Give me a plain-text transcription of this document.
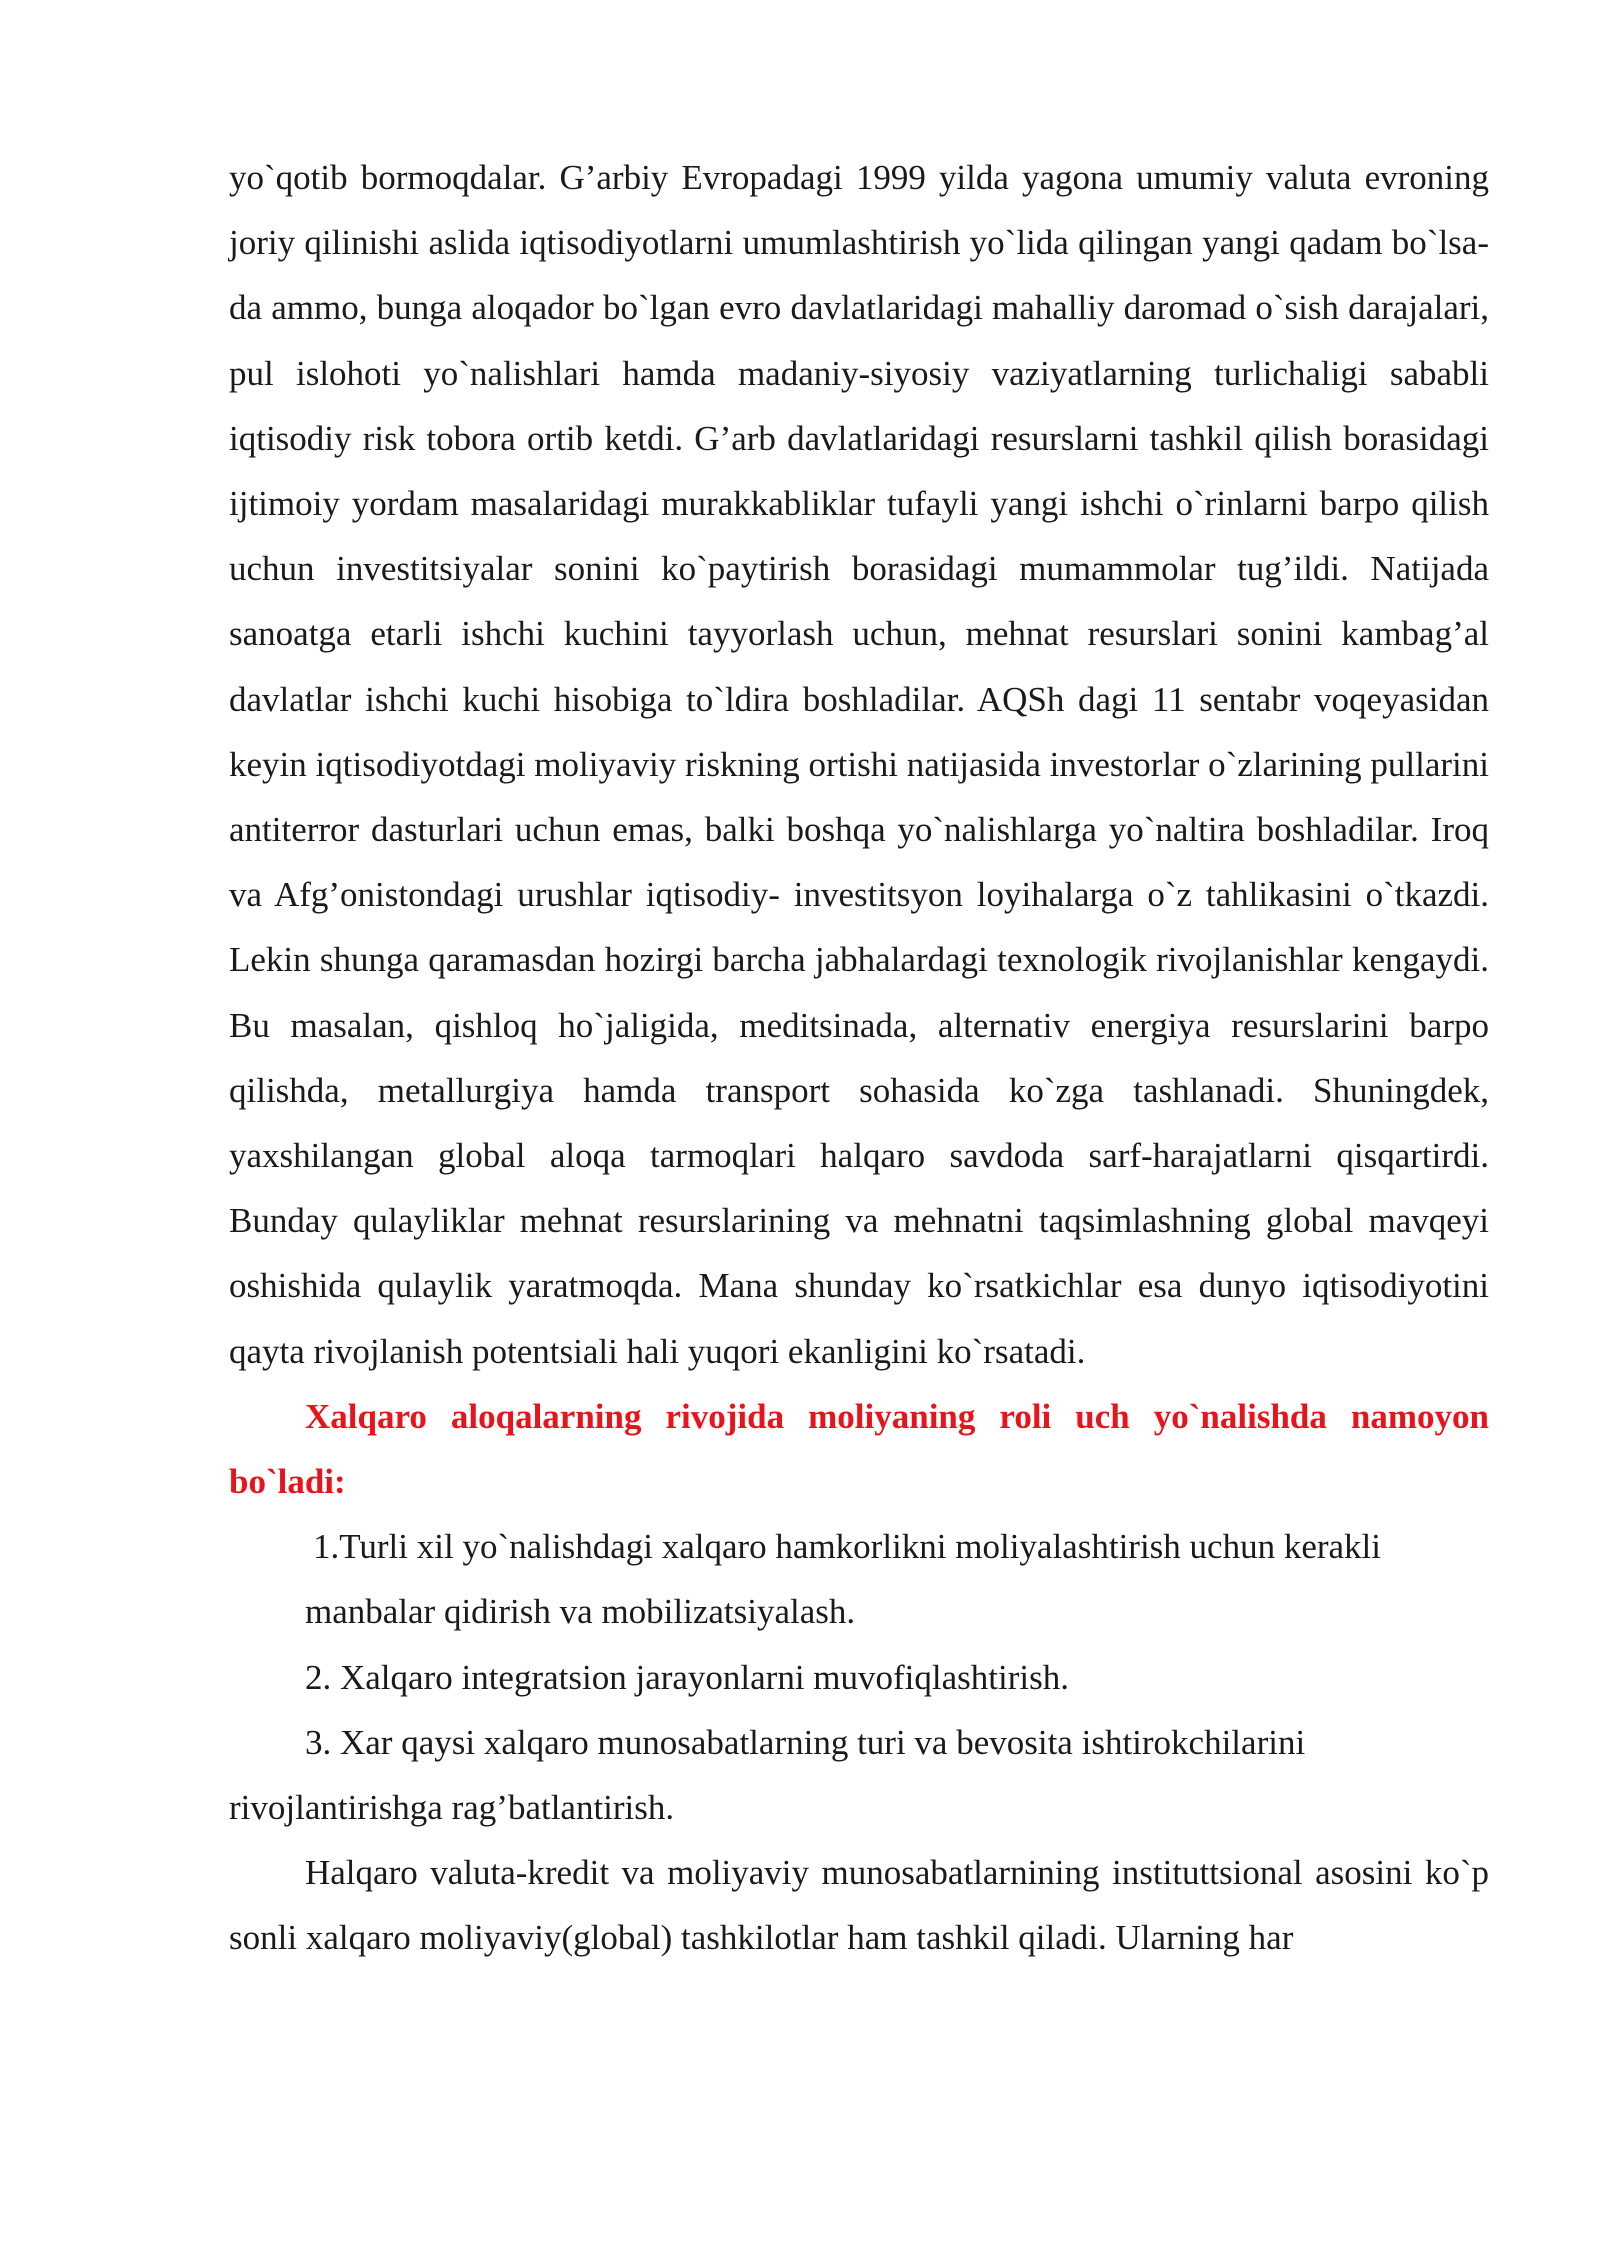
yo`qotib bormoqdalar. G’arbiy Evropadagi 1999 yilda yagona umumiy valuta evroning joriy qilinishi aslida iqtisodiyotlarni umumlashtirish yo`lida qilingan yangi qadam bo`lsa-da ammo, bunga aloqador bo`lgan evro davlatlaridagi mahalliy daromad o`sish darajalari, pul islohoti yo`nalishlari hamda madaniy-siyosiy vaziyatlarning turlichaligi sababli iqtisodiy risk tobora ortib ketdi. G’arb davlatlaridagi resurslarni tashkil qilish borasidagi ijtimoiy yordam masalaridagi murakkabliklar tufayli yangi ishchi o`rinlarni barpo qilish uchun investitsiyalar sonini ko`paytirish borasidagi mumammolar tug’ildi. Natijada sanoatga etarli ishchi kuchini tayyorlash uchun, mehnat resurslari sonini kambag’al davlatlar ishchi kuchi hisobiga to`ldira boshladilar. AQSh dagi 11 sentabr voqeyasidan keyin iqtisodiyotdagi moliyaviy riskning ortishi natijasida investorlar o`zlarining pullarini antiterror dasturlari uchun emas, balki boshqa yo`nalishlarga yo`naltira boshladilar. Iroq va Afg’onistondagi urushlar iqtisodiy- investitsyon loyihalarga o`z tahlikasini o`tkazdi. Lekin shunga qaramasdan hozirgi barcha jabhalardagi texnologik rivojlanishlar kengaydi. Bu masalan, qishloq ho`jaligida, meditsinada, alternativ energiya resurslarini barpo qilishda, metallurgiya hamda transport sohasida ko`zga tashlanadi. Shuningdek, yaxshilangan global aloqa tarmoqlari halqaro savdoda sarf-harajatlarni qisqartirdi. Bunday qulayliklar mehnat resurslarining va mehnatni taqsimlashning global mavqeyi oshishida qulaylik yaratmoqda. Mana shunday ko`rsatkichlar esa dunyo iqtisodiyotini qayta rivojlanish potentsiali hali yuqori ekanligini ko`rsatadi.

Xalqaro aloqalarning rivojida moliyaning roli uch yo`nalishda namoyon bo`ladi:

1.Turli xil yo`nalishdagi xalqaro hamkorlikni moliyalashtirish uchun kerakli manbalar qidirish va mobilizatsiyalash.

2. Xalqaro integratsion jarayonlarni muvofiqlashtirish.

3. Xar qaysi xalqaro munosabatlarning turi va bevosita ishtirokchilarini rivojlantirishga rag’batlantirish.

Halqaro valuta-kredit va moliyaviy munosabatlarnining instituttsional asosini ko`p sonli xalqaro moliyaviy(global) tashkilotlar ham tashkil qiladi. Ularning har
